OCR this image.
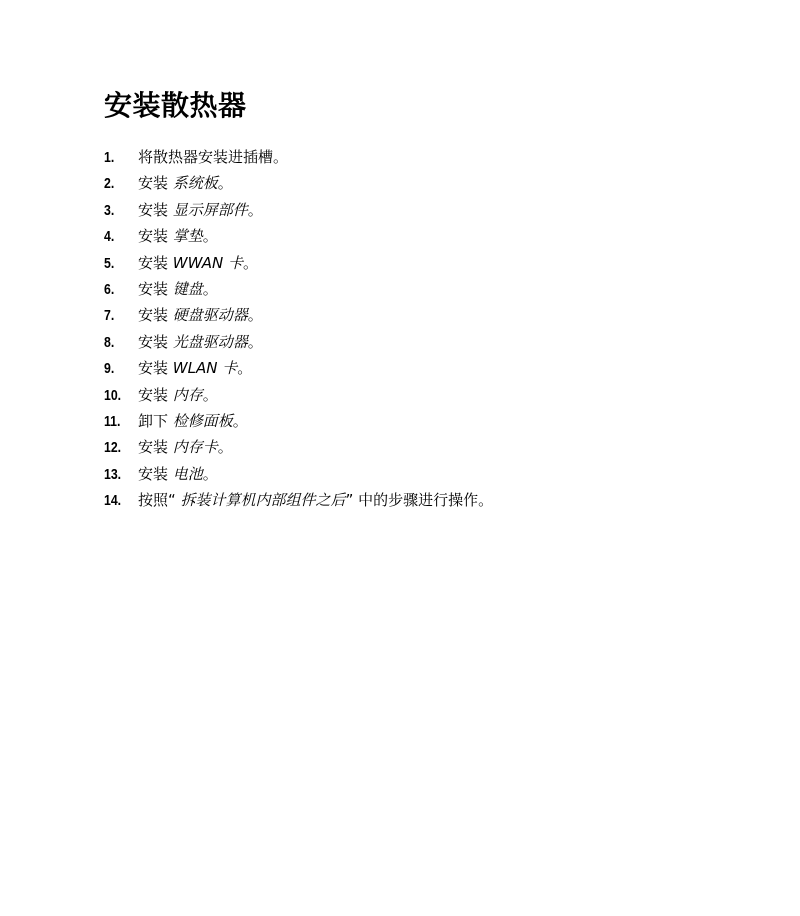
安装散热器
1.	将散热器安装进插槽。
2.	安装 系统板。
3.	安装 显示屏部件。
4.	安装 掌垫。
5.	安装 WWAN 卡。
6.	安装 键盘。
7.	安装 硬盘驱动器。
8.	安装 光盘驱动器。
9.	安装 WLAN 卡。
10.	安装 内存。
11.	卸下 检修面板。
12.	安装 内存卡。
13.	安装 电池。
14.	按照“ 拆装计算机内部组件之后” 中的步骤进行操作。
